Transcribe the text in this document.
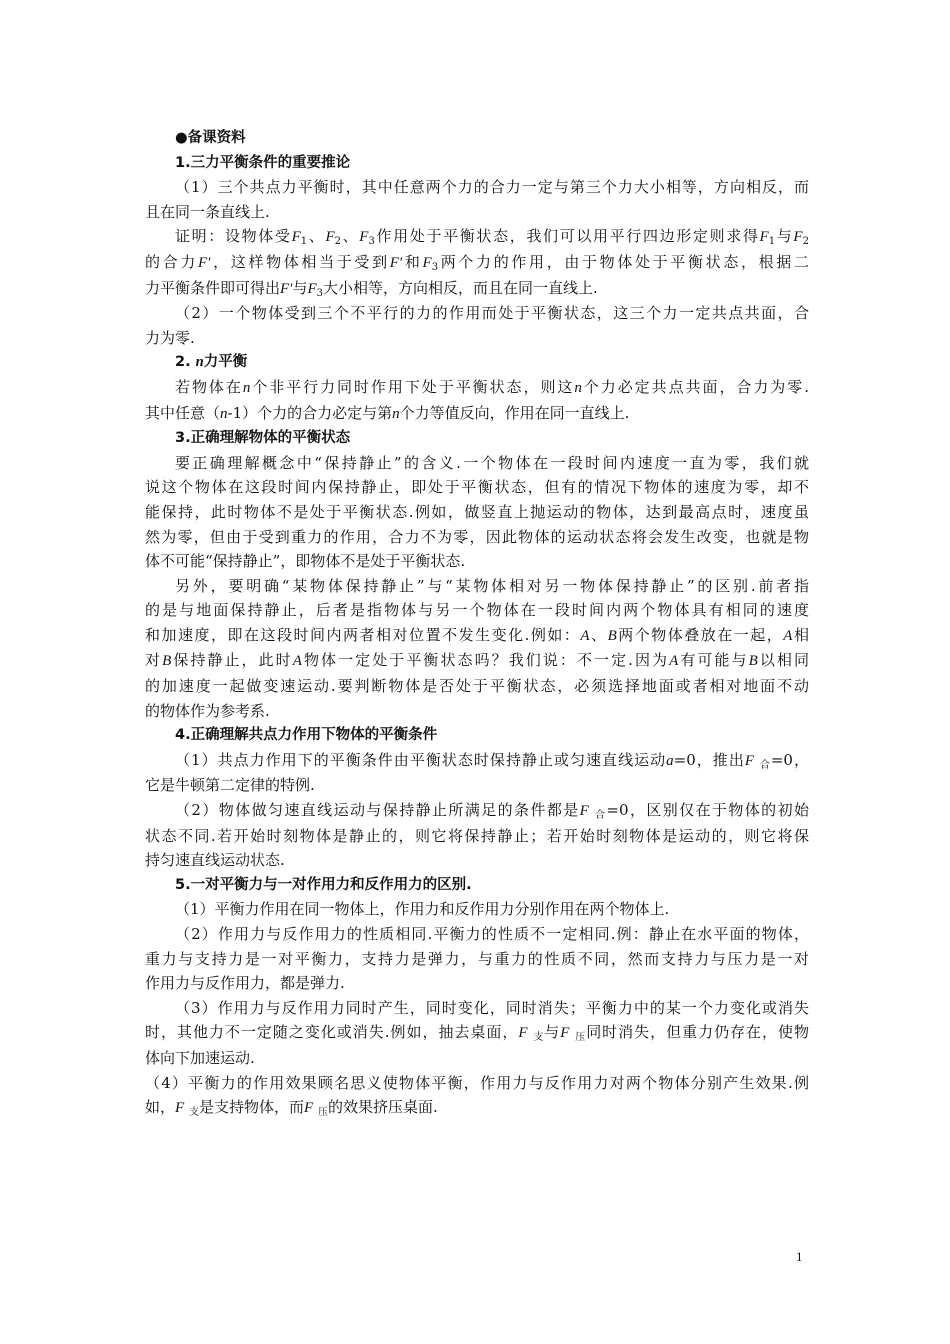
●备课资料
1.三力平衡条件的重要推论
（1）三个共点力平衡时，其中任意两个力的合力一定与第三个力大小相等，方向相反，而
且在同一条直线上.
证明：设物体受$F_1$、$F_2$、$F_3$作用处于平衡状态，我们可以用平行四边形定则求得$F_1$与$F_2$
的合力F′，这样物体相当于受到F′和$F_3$两个力的作用，由于物体处于平衡状态，根据二
力平衡条件即可得出F′与$F_3$大小相等，方向相反，而且在同一直线上.
（2）一个物体受到三个不平行的力的作用而处于平衡状态，这三个力一定共点共面，合
力为零.
2. n力平衡
若物体在n个非平行力同时作用下处于平衡状态，则这n个力必定共点共面，合力为零.
其中任意（n-1）个力的合力必定与第n个力等值反向，作用在同一直线上.
3.正确理解物体的平衡状态
要正确理解概念中“保持静止”的含义.一个物体在一段时间内速度一直为零，我们就
说这个物体在这段时间内保持静止，即处于平衡状态，但有的情况下物体的速度为零，却不
能保持，此时物体不是处于平衡状态.例如，做竖直上抛运动的物体，达到最高点时，速度虽
然为零，但由于受到重力的作用，合力不为零，因此物体的运动状态将会发生改变，也就是物
体不可能“保持静止”，即物体不是处于平衡状态.
另外，要明确“某物体保持静止”与“某物体相对另一物体保持静止”的区别.前者指
的是与地面保持静止，后者是指物体与另一个物体在一段时间内两个物体具有相同的速度
和加速度，即在这段时间内两者相对位置不发生变化.例如：A、B两个物体叠放在一起，A相
对B保持静止，此时A物体一定处于平衡状态吗？我们说：不一定.因为A有可能与B以相同
的加速度一起做变速运动.要判断物体是否处于平衡状态，必须选择地面或者相对地面不动
的物体作为参考系.
4.正确理解共点力作用下物体的平衡条件
（1）共点力作用下的平衡条件由平衡状态时保持静止或匀速直线运动a=0，推出F $_合$=0，
它是牛顿第二定律的特例.
（2）物体做匀速直线运动与保持静止所满足的条件都是F $_合$=0，区别仅在于物体的初始
状态不同.若开始时刻物体是静止的，则它将保持静止；若开始时刻物体是运动的，则它将保
持匀速直线运动状态.
5.一对平衡力与一对作用力和反作用力的区别.
（1）平衡力作用在同一物体上，作用力和反作用力分别作用在两个物体上.
（2）作用力与反作用力的性质相同.平衡力的性质不一定相同.例：静止在水平面的物体，
重力与支持力是一对平衡力，支持力是弹力，与重力的性质不同，然而支持力与压力是一对
作用力与反作用力，都是弹力.
（3）作用力与反作用力同时产生，同时变化，同时消失；平衡力中的某一个力变化或消失
时，其他力不一定随之变化或消失.例如，抽去桌面，F $_支$与F $_压$同时消失，但重力仍存在，使物
体向下加速运动.
（4）平衡力的作用效果顾名思义使物体平衡，作用力与反作用力对两个物体分别产生效果.例
如，F $_支$是支持物体，而F $_压$的效果挤压桌面.
1
